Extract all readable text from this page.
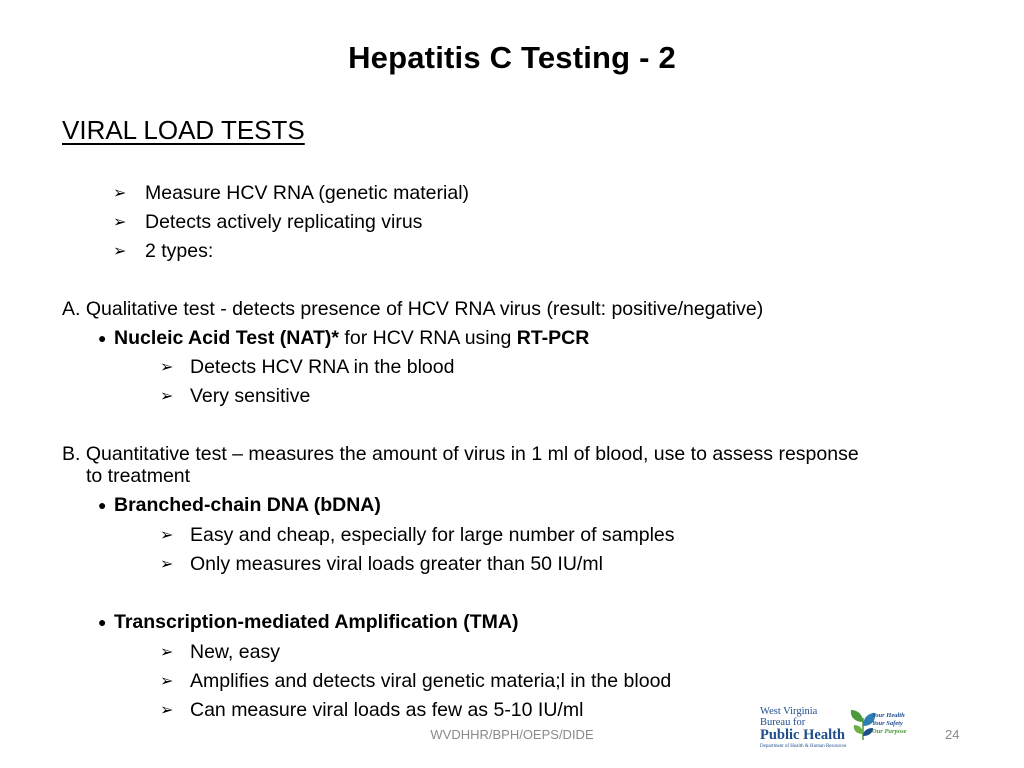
Hepatitis C Testing - 2
VIRAL LOAD TESTS
➢ Measure HCV RNA (genetic material)
➢ Detects actively replicating virus
➢ 2 types:
A. Qualitative test - detects presence of HCV RNA virus (result: positive/negative)
● Nucleic Acid Test (NAT)* for HCV RNA using RT-PCR
➢ Detects HCV RNA in the blood
➢ Very sensitive
B. Quantitative test – measures the amount of virus in 1 ml of blood, use to assess response
to treatment
● Branched-chain DNA (bDNA)
➢ Easy and cheap, especially for large number of samples
➢ Only measures viral loads greater than 50 IU/ml
● Transcription-mediated Amplification (TMA)
➢ New, easy
➢ Amplifies and detects viral genetic materia;l in the blood
➢ Can measure viral loads as few as 5-10 IU/ml
WVDHHR/BPH/OEPS/DIDE
West Virginia
Bureau for
Public Health
Department of Health & Human Resources
Your Health
Your Safety
Our Purpose	24
